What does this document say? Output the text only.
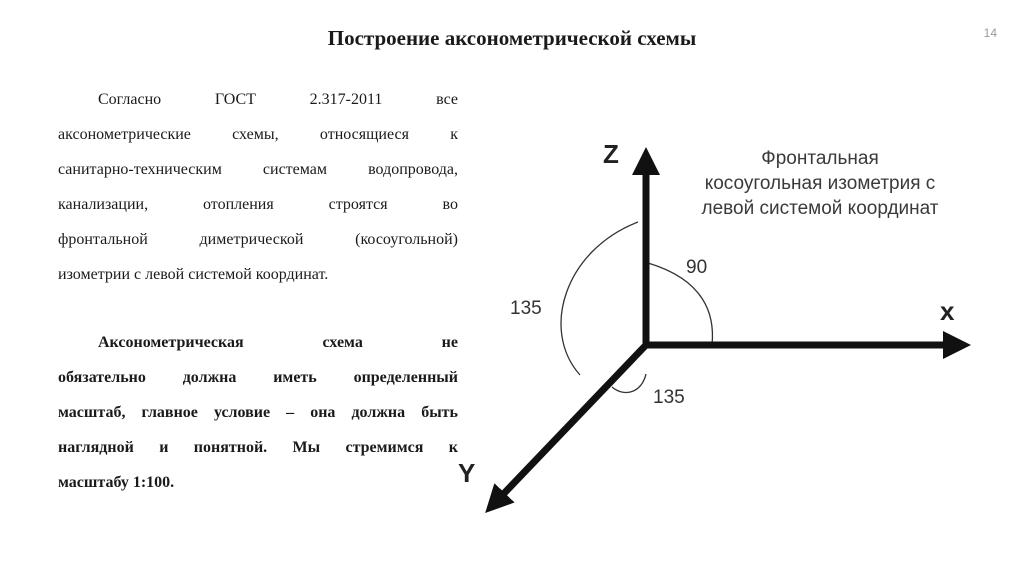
Построение аксонометрической схемы	14
Согласно ГОСТ 2.317-2011 все
аксонометрические схемы, относящиеся к
санитарно-техническим системам водопровода,
канализации, отопления строятся во
фронтальной диметрической (косоугольной)
изометрии с левой системой координат.
Аксонометрическая схема не
обязательно должна иметь определенный
масштаб, главное условие – она должна быть
наглядной и понятной. Мы стремимся к
масштабу 1:100.
Z
x
Y
90
135
135
Фронтальная
косоугольная изометрия с
левой системой координат
